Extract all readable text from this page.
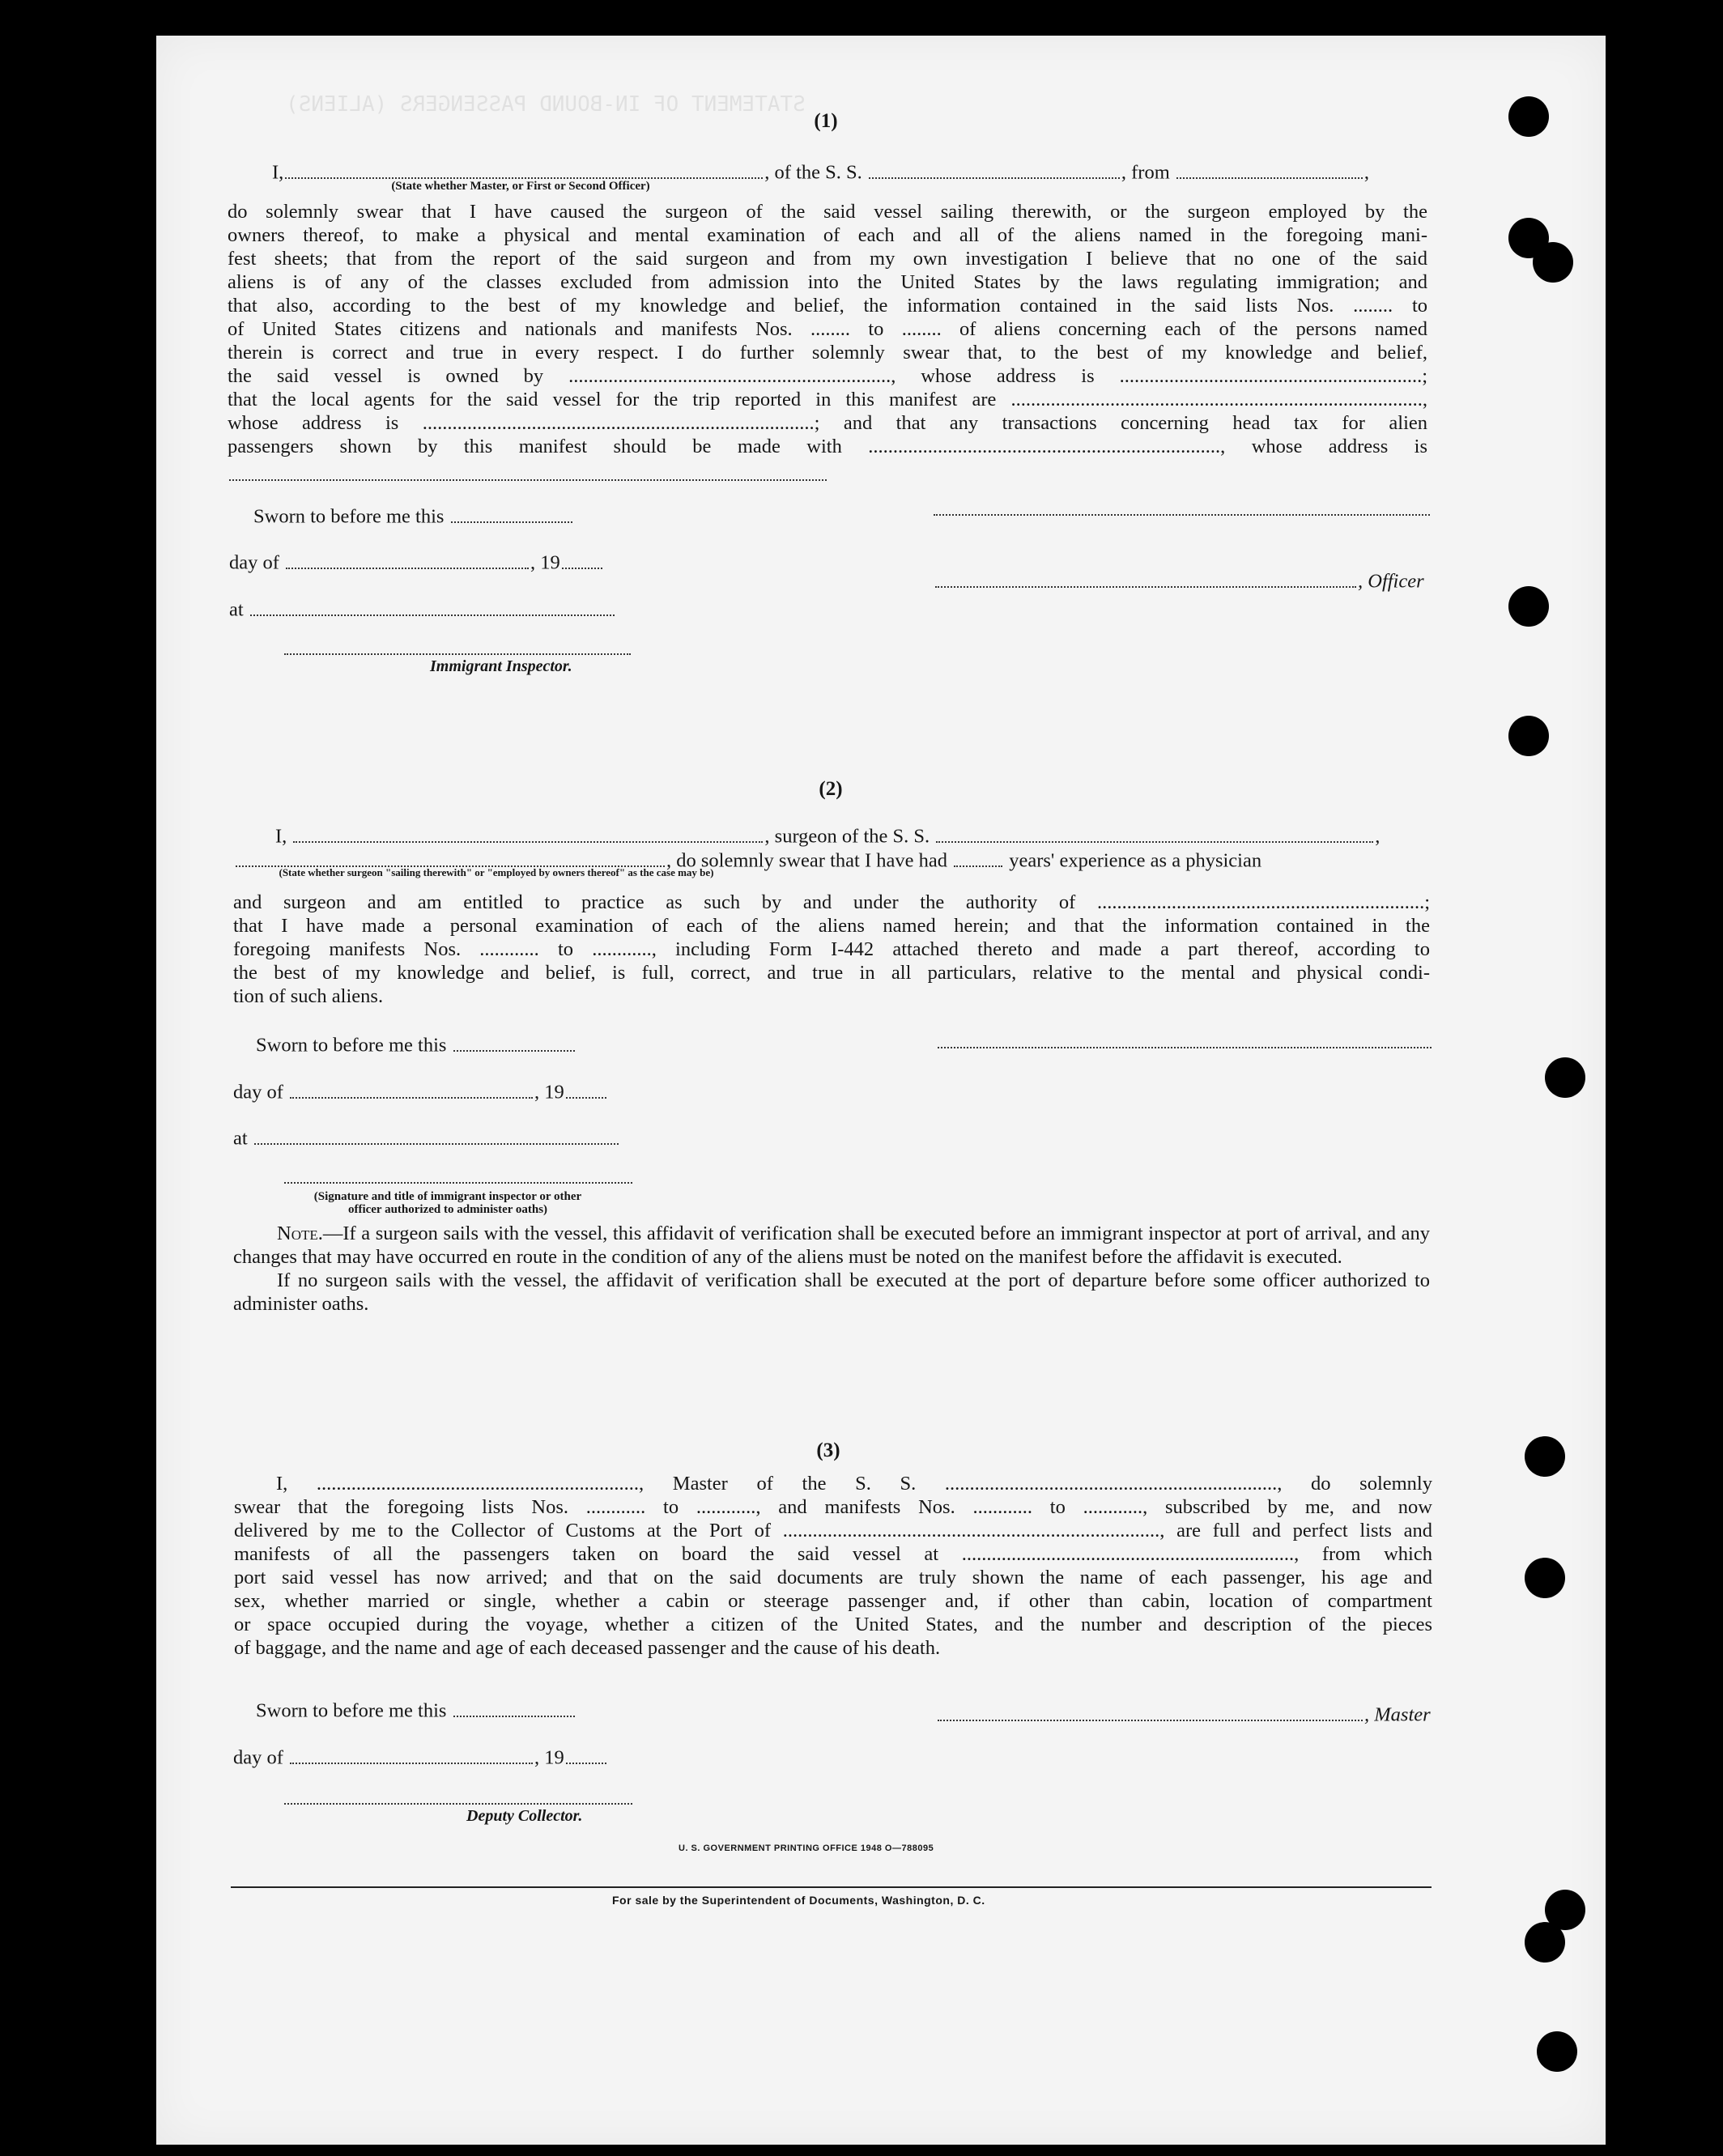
STATEMENT OF IN-BOUND PASSENGERS (ALIENS)
(1)
I,	, of the S. S.	, from	,
(State whether Master, or First or Second Officer)
do solemnly swear that I have caused the surgeon of the said vessel sailing therewith, or the surgeon employed by the
owners thereof, to make a physical and mental examination of each and all of the aliens named in the foregoing mani-
fest sheets; that from the report of the said surgeon and from my own investigation I believe that no one of the said
aliens is of any of the classes excluded from admission into the United States by the laws regulating immigration; and
that also, according to the best of my knowledge and belief, the information contained in the said lists Nos. ........ to
of United States citizens and nationals and manifests Nos. ........ to ........ of aliens concerning each of the persons named
therein is correct and true in every respect. I do further solemnly swear that, to the best of my knowledge and belief,
the said vessel is owned by ................................................................., whose address is .............................................................;
that the local agents for the said vessel for the trip reported in this manifest are ...................................................................................,
whose address is ...............................................................................; and that any transactions concerning head tax for alien
passengers shown by this manifest should be made with ......................................................................., whose address is
Sworn to before me this
day of	, 19
, Officer
at
Immigrant Inspector.
(2)
I,	, surgeon of the S. S.	,
, do solemnly swear that I have had	years' experience as a physician
(State whether surgeon "sailing therewith" or "employed by owners thereof" as the case may be)
and surgeon and am entitled to practice as such by and under the authority of ..................................................................;
that I have made a personal examination of each of the aliens named herein; and that the information contained in the
foregoing manifests Nos. ............ to ............, including Form I-442 attached thereto and made a part thereof, according to
the best of my knowledge and belief, is full, correct, and true in all particulars, relative to the mental and physical condi-
tion of such aliens.
Sworn to before me this
day of	, 19
at
(Signature and title of immigrant inspector or other officer authorized to administer oaths)
Note.—If a surgeon sails with the vessel, this affidavit of verification shall be executed before an immigrant inspector at port of arrival, and any changes that may have occurred en route in the condition of any of the aliens must be noted on the manifest before the affidavit is executed.
If no surgeon sails with the vessel, the affidavit of verification shall be executed at the port of departure before some officer authorized to administer oaths.
(3)
I, ................................................................., Master of the S. S. ..................................................................., do solemnly
swear that the foregoing lists Nos. ............ to ............, and manifests Nos. ............ to ............, subscribed by me, and now
delivered by me to the Collector of Customs at the Port of ............................................................................, are full and perfect lists and
manifests of all the passengers taken on board the said vessel at ..................................................................., from which
port said vessel has now arrived; and that on the said documents are truly shown the name of each passenger, his age and
sex, whether married or single, whether a cabin or steerage passenger and, if other than cabin, location of compartment
or space occupied during the voyage, whether a citizen of the United States, and the number and description of the pieces
of baggage, and the name and age of each deceased passenger and the cause of his death.
Sworn to before me this	, Master
day of	, 19
Deputy Collector.
U. S. GOVERNMENT PRINTING OFFICE 1948 O—788095
For sale by the Superintendent of Documents, Washington, D. C.
